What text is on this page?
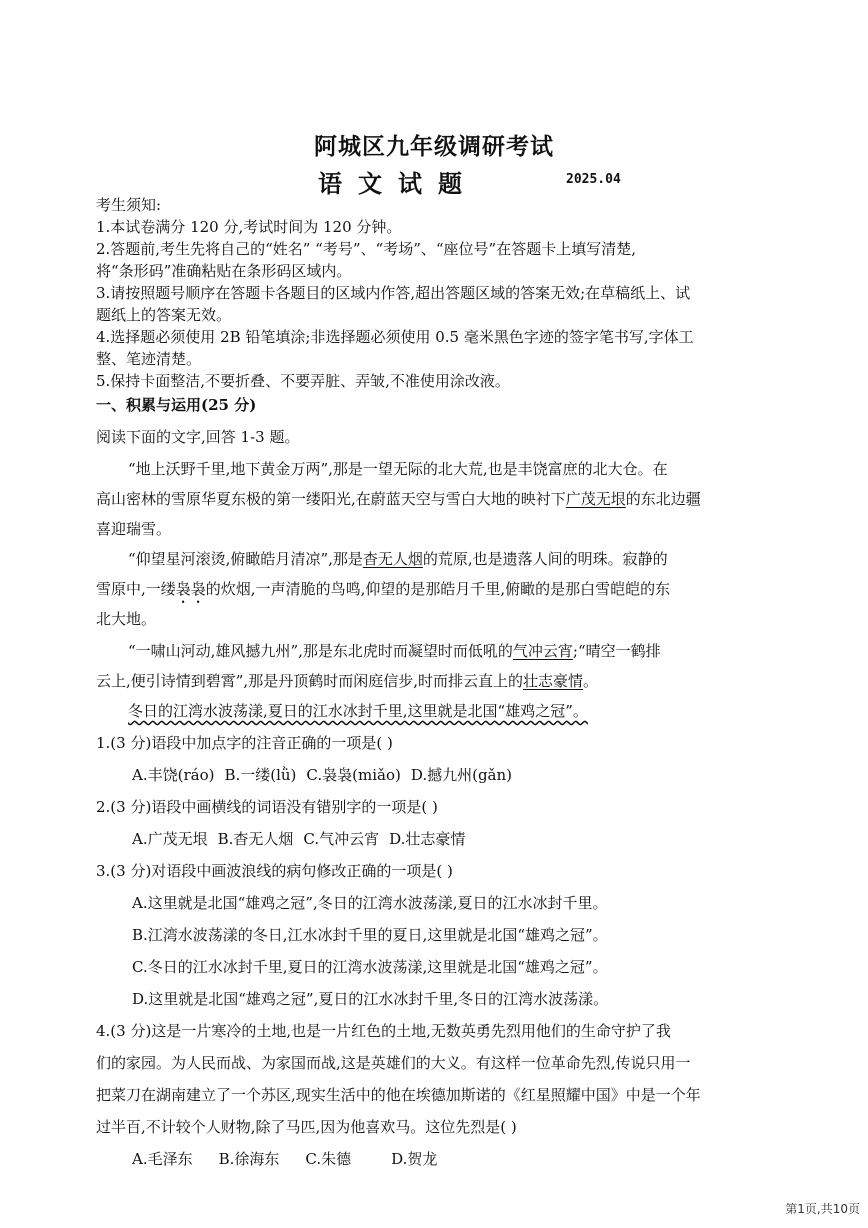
阿城区九年级调研考试
语文试题	2025.04
考生须知:
1.本试卷满分 120 分,考试时间为 120 分钟。
2.答题前,考生先将自己的“姓名” “考号”、“考场”、“座位号”在答题卡上填写清楚,
将“条形码”准确粘贴在条形码区域内。
3.请按照题号顺序在答题卡各题目的区域内作答,超出答题区域的答案无效;在草稿纸上、试
题纸上的答案无效。
4.选择题必须使用 2B 铅笔填涂;非选择题必须使用 0.5 毫米黑色字迹的签字笔书写,字体工
整、笔迹清楚。
5.保持卡面整洁,不要折叠、不要弄脏、弄皱,不准使用涂改液。
一、积累与运用(25 分)
阅读下面的文字,回答 1-3 题。
“地上沃野千里,地下黄金万两”,那是一望无际的北大荒,也是丰饶富庶的北大仓。在
高山密林的雪原华夏东极的第一缕阳光,在蔚蓝天空与雪白大地的映衬下广茂无垠的东北边疆
喜迎瑞雪。
“仰望星河滚烫,俯瞰皓月清凉”,那是杳无人烟的荒原,也是遗落人间的明珠。寂静的
雪原中,一缕袅袅的炊烟,一声清脆的鸟鸣,仰望的是那皓月千里,俯瞰的是那白雪皑皑的东
北大地。
“一啸山河动,雄风撼九州”,那是东北虎时而凝望时而低吼的气冲云宵;“晴空一鹤排
云上,便引诗情到碧霄”,那是丹顶鹤时而闲庭信步,时而排云直上的壮志豪情。
冬日的江湾水波荡漾,夏日的江水冰封千里,这里就是北国“雄鸡之冠”。
1.(3 分)语段中加点字的注音正确的一项是( )
A.丰饶(ráo) B.一缕(lǜ) C.袅袅(miǎo) D.撼九州(gǎn)
2.(3 分)语段中画横线的词语没有错别字的一项是( )
A.广茂无垠 B.杳无人烟 C.气冲云宵 D.壮志豪情
3.(3 分)对语段中画波浪线的病句修改正确的一项是( )
A.这里就是北国“雄鸡之冠”,冬日的江湾水波荡漾,夏日的江水冰封千里。
B.江湾水波荡漾的冬日,江水冰封千里的夏日,这里就是北国“雄鸡之冠”。
C.冬日的江水冰封千里,夏日的江湾水波荡漾,这里就是北国“雄鸡之冠”。
D.这里就是北国“雄鸡之冠”,夏日的江水冰封千里,冬日的江湾水波荡漾。
4.(3 分)这是一片寒冷的土地,也是一片红色的土地,无数英勇先烈用他们的生命守护了我
们的家园。为人民而战、为家国而战,这是英雄们的大义。有这样一位革命先烈,传说只用一
把菜刀在湖南建立了一个苏区,现实生活中的他在埃德加斯诺的《红星照耀中国》中是一个年
过半百,不计较个人财物,除了马匹,因为他喜欢马。这位先烈是( )
A.毛泽东 B.徐海东 C.朱德	D.贺龙
第1页,共10页
